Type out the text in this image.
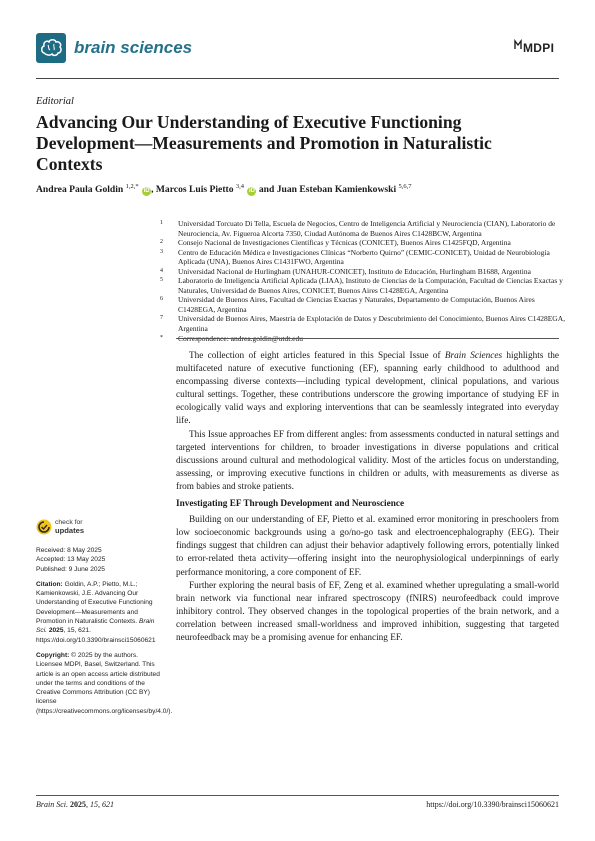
brain sciences	MDPI
Editorial
Advancing Our Understanding of Executive Functioning Development—Measurements and Promotion in Naturalistic Contexts
Andrea Paula Goldin $^{1,2,*}$ iD , Marcos Luis Pietto $^{3,4}$ iD and Juan Esteban Kamienkowski $^{5,6,7}$
1	Universidad Torcuato Di Tella, Escuela de Negocios, Centro de Inteligencia Artificial y Neurociencia (CIAN), Laboratorio de Neurociencia, Av. Figueroa Alcorta 7350, Ciudad Autónoma de Buenos Aires C1428BCW, Argentina
2	Consejo Nacional de Investigaciones Científicas y Técnicas (CONICET), Buenos Aires C1425FQD, Argentina
3	Centro de Educación Médica e Investigaciones Clínicas “Norberto Quirno” (CEMIC-CONICET), Unidad de Neurobiología Aplicada (UNA), Buenos Aires C1431FWO, Argentina
4	Universidad Nacional de Hurlingham (UNAHUR-CONICET), Instituto de Educación, Hurlingham B1688, Argentina
5	Laboratorio de Inteligencia Artificial Aplicada (LIAA), Instituto de Ciencias de la Computación, Facultad de Ciencias Exactas y Naturales, Universidad de Buenos Aires, CONICET, Buenos Aires C1428EGA, Argentina
6	Universidad de Buenos Aires, Facultad de Ciencias Exactas y Naturales, Departamento de Computación, Buenos Aires C1428EGA, Argentina
7	Universidad de Buenos Aires, Maestría de Explotación de Datos y Descubrimiento del Conocimiento, Buenos Aires C1428EGA, Argentina
*	Correspondence: andrea.goldin@utdt.edu

The collection of eight articles featured in this Special Issue of Brain Sciences highlights the multifaceted nature of executive functioning (EF), spanning early childhood to adulthood and encompassing diverse contexts—including typical development, clinical populations, and various cultural settings. Together, these contributions underscore the growing importance of studying EF in ecologically valid ways and exploring interventions that can be seamlessly integrated into everyday life.

This Issue approaches EF from different angles: from assessments conducted in natural settings and targeted interventions for children, to broader investigations in diverse populations and critical discussions around cultural and methodological validity. Most of the articles focus on understanding, assessing, or improving executive functions in children or adults, with measurements as diverse as from babies and stroke patients.

Investigating EF Through Development and Neuroscience

Building on our understanding of EF, Pietto et al. examined error monitoring in preschoolers from low socioeconomic backgrounds using a go/no-go task and electroencephalography (EEG). Their findings suggest that children can adjust their behavior adaptively following errors, potentially linked to error-related theta activity—offering insight into the neurophysiological underpinnings of early performance monitoring, a core component of EF.

Further exploring the neural basis of EF, Zeng et al. examined whether upregulating a small-world brain network via functional near infrared spectroscopy (fNIRS) neurofeedback could improve inhibitory control. They observed changes in the topological properties of the brain network, and a correlation between increased small-worldness and improved inhibition, suggesting that targeted neurofeedback may be a promising avenue for enhancing EF.

check for
updates
Received: 8 May 2025
Accepted: 13 May 2025
Published: 9 June 2025
Citation: Goldin, A.P.; Pietto, M.L.; Kamienkowski, J.E. Advancing Our Understanding of Executive Functioning Development—Measurements and Promotion in Naturalistic Contexts. Brain Sci. 2025, 15, 621. https://doi.org/10.3390/brainsci15060621
Copyright: © 2025 by the authors. Licensee MDPI, Basel, Switzerland. This article is an open access article distributed under the terms and conditions of the Creative Commons Attribution (CC BY) license (https://creativecommons.org/licenses/by/4.0/).
Brain Sci. 2025, 15, 621	https://doi.org/10.3390/brainsci15060621
